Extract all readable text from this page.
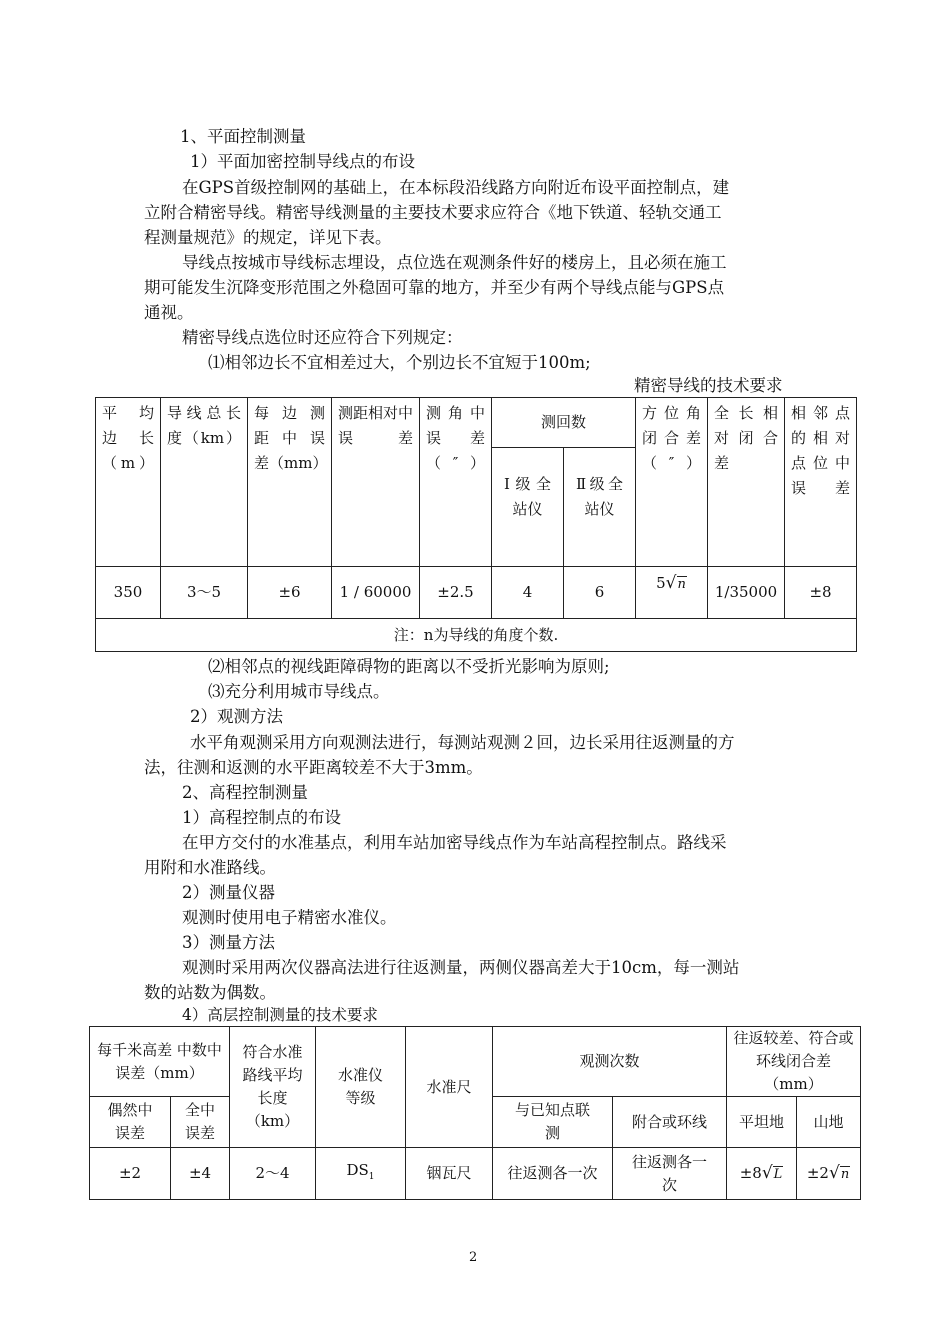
1、平面控制测量
1）平面加密控制导线点的布设
在GPS首级控制网的基础上，在本标段沿线路方向附近布设平面控制点，建
立附合精密导线。精密导线测量的主要技术要求应符合《地下铁道、轻轨交通工
程测量规范》的规定，详见下表。
导线点按城市导线标志埋设，点位选在观测条件好的楼房上，且必须在施工
期可能发生沉降变形范围之外稳固可靠的地方，并至少有两个导线点能与GPS点
通视。
精密导线点选位时还应符合下列规定：
⑴相邻边长不宜相差过大，个别边长不宜短于100m;
精密导线的技术要求
平 均 边 长 （m）	导线总长度（km）	每 边 测 距 中 误 差（mm）	测距相对中误差	测角中误 差 （″）	测回数		方位角闭合差（″）	全 长 相 对 闭 合 差	相邻点的相对点位中误差
					Ⅰ级全站仪	Ⅱ级全站仪			
350	3～5	±6	1 / 60000	±2.5	4	6	5√n	1/35000	±8
注：n为导线的角度个数.									
⑵相邻点的视线距障碍物的距离以不受折光影响为原则;
⑶充分利用城市导线点。
2）观测方法
水平角观测采用方向观测法进行，每测站观测２回，边长采用往返测量的方
法，往测和返测的水平距离较差不大于3mm。
2、高程控制测量
1）高程控制点的布设
在甲方交付的水准基点，利用车站加密导线点作为车站高程控制点。路线采
用附和水准路线。
2）测量仪器
观测时使用电子精密水准仪。
3）测量方法
观测时采用两次仪器高法进行往返测量，两侧仪器高差大于10cm，每一测站
数的站数为偶数。
4）高层控制测量的技术要求
每千米高差 中数中误差（mm）		符合水准路线平均长度（km）	水准仪等级	水准尺	观测次数		往返较差、符合或环线闭合差（mm）	
偶然中误差	全中误差				与已知点联测	附合或环线	平坦地	山地
±2	±4	2～4	$DS_1$	铟瓦尺	往返测各一次	往返测各一次	±8√L	±2√n
2
